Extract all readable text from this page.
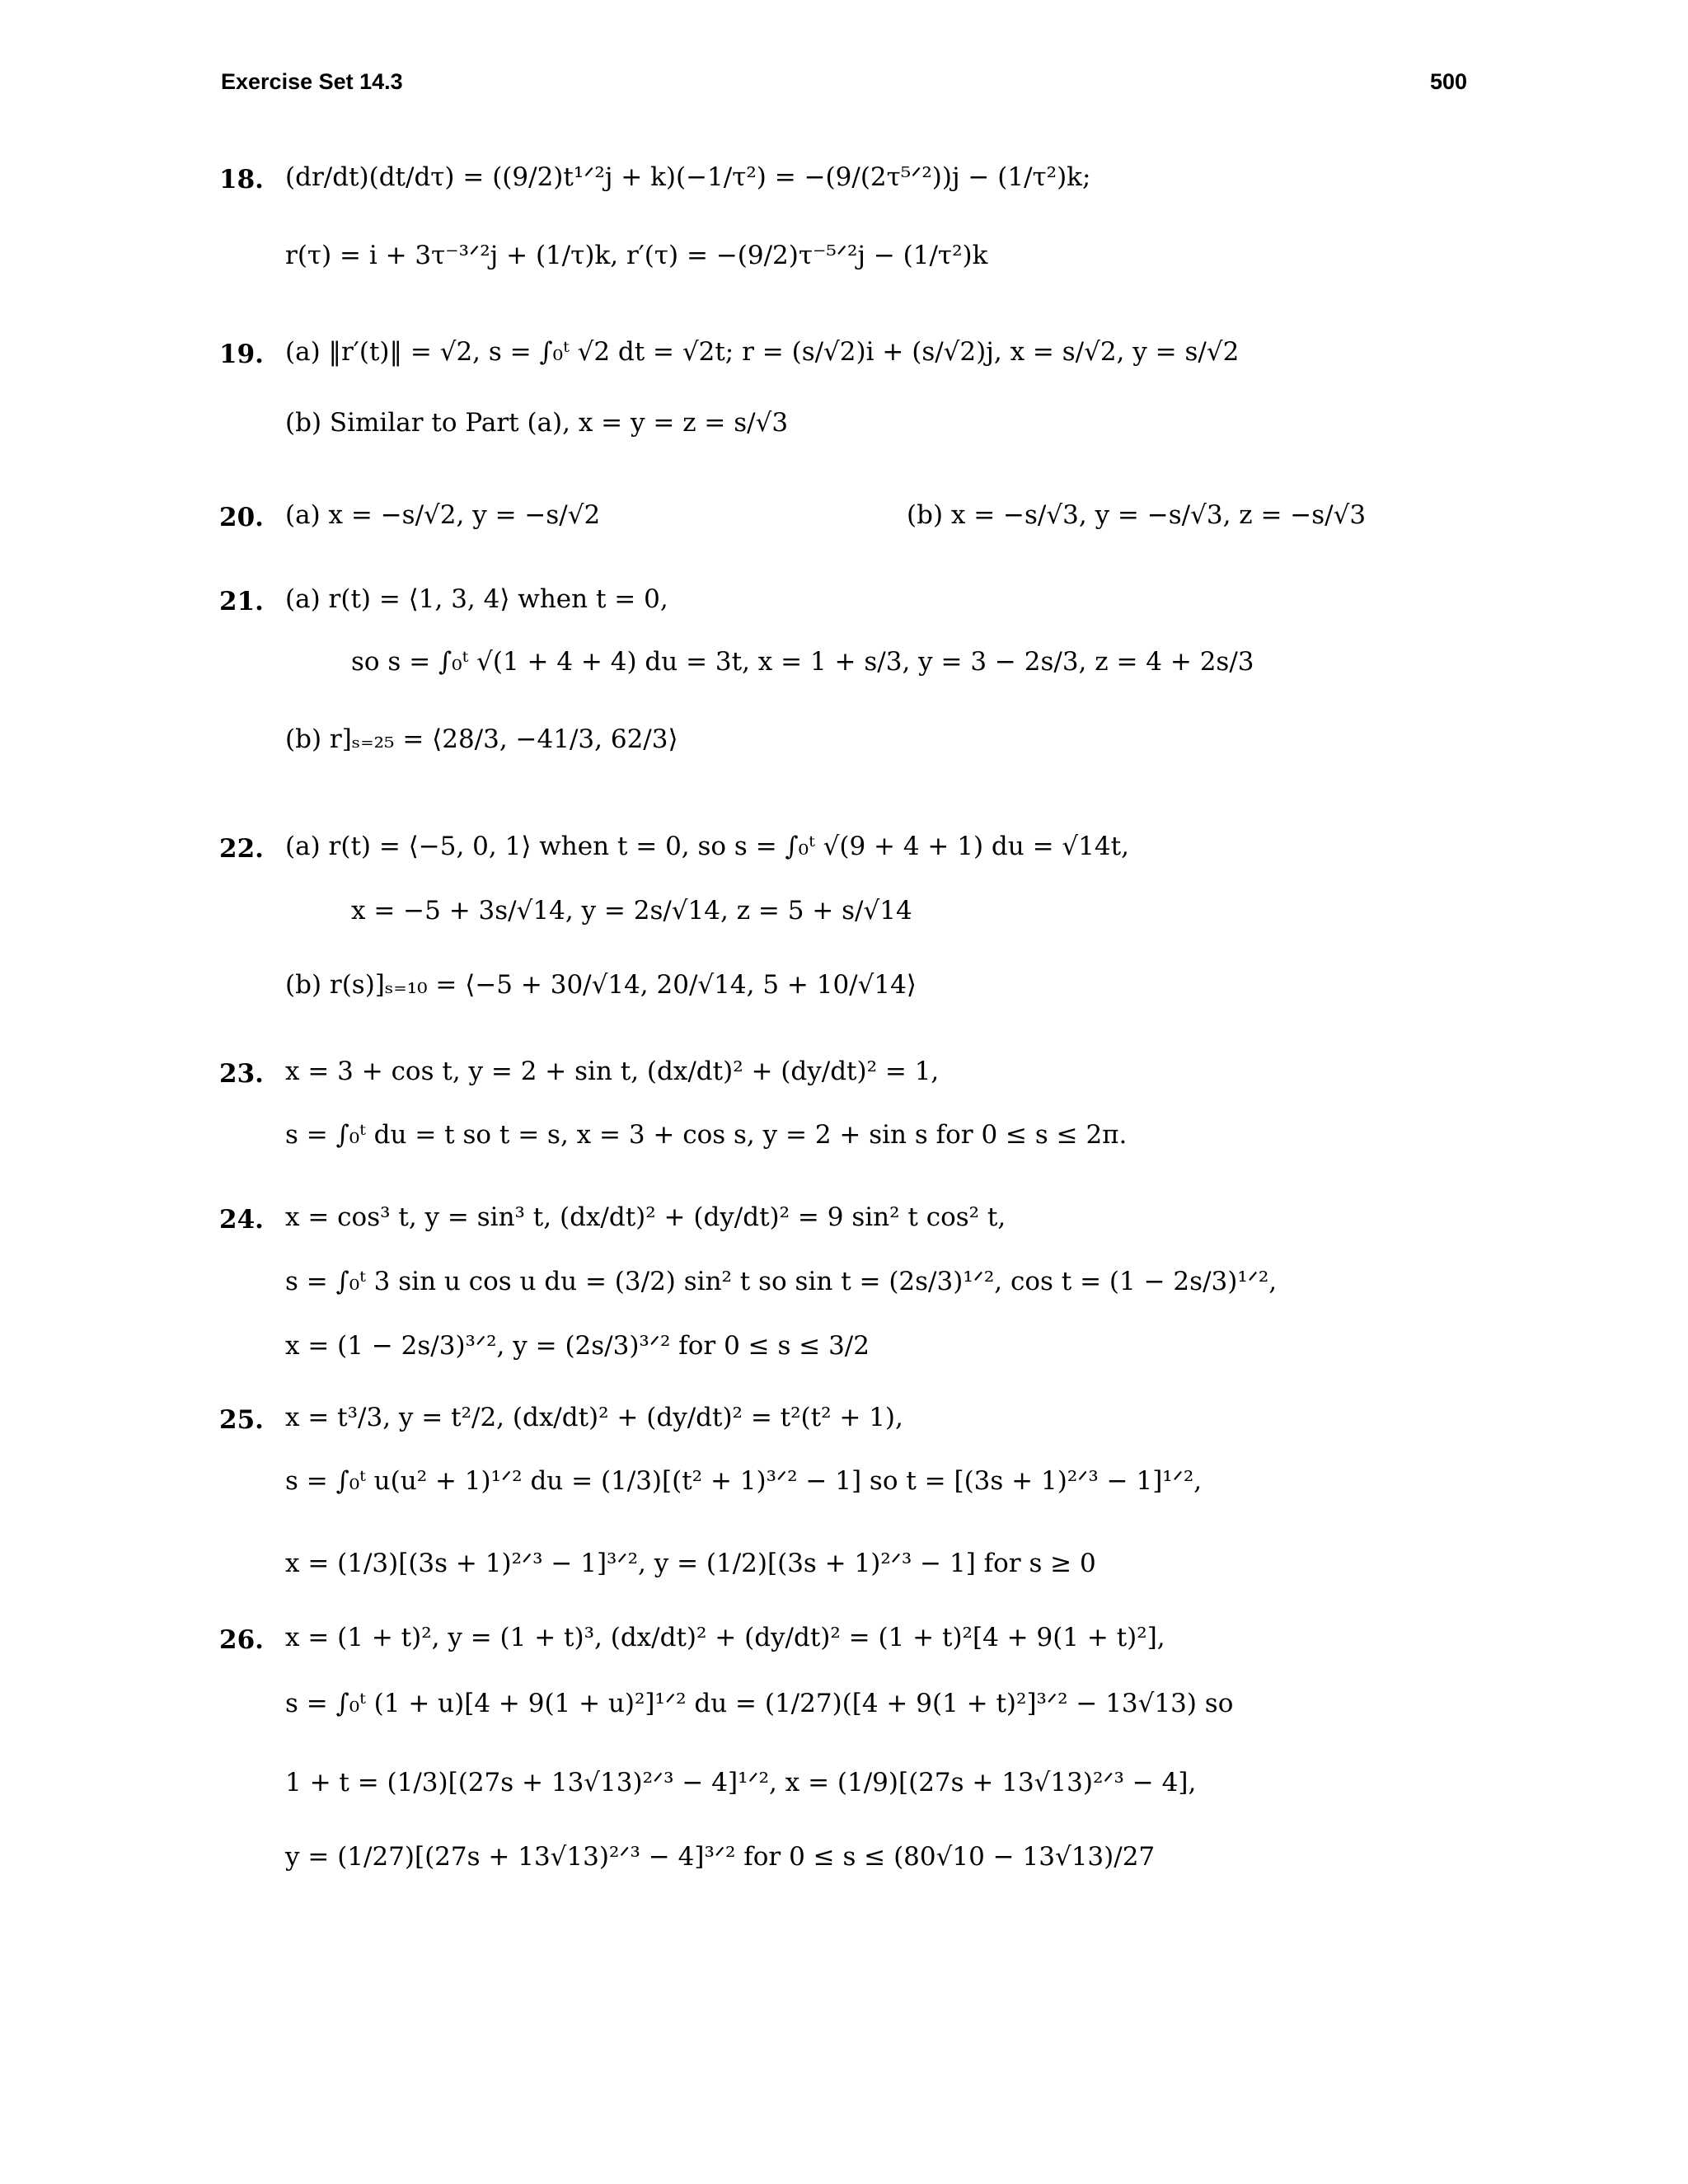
Exercise Set 14.3	500
18. (dr/dt)(dt/dτ) = ((9/2)t¹ᐟ²j + k)(−1/τ²) = −(9/(2τ⁵ᐟ²))j − (1/τ²)k;
r(τ) = i + 3τ⁻³ᐟ²j + (1/τ)k, r′(τ) = −(9/2)τ⁻⁵ᐟ²j − (1/τ²)k
19. (a) ‖r′(t)‖ = √2, s = ∫₀ᵗ √2 dt = √2t; r = (s/√2)i + (s/√2)j, x = s/√2, y = s/√2
(b) Similar to Part (a), x = y = z = s/√3
20. (a) x = −s/√2, y = −s/√2	(b) x = −s/√3, y = −s/√3, z = −s/√3
21. (a) r(t) = ⟨1, 3, 4⟩ when t = 0,
so s = ∫₀ᵗ √(1 + 4 + 4) du = 3t, x = 1 + s/3, y = 3 − 2s/3, z = 4 + 2s/3
(b) r]ₛ₌₂₅ = ⟨28/3, −41/3, 62/3⟩
22. (a) r(t) = ⟨−5, 0, 1⟩ when t = 0, so s = ∫₀ᵗ √(9 + 4 + 1) du = √14t,
x = −5 + 3s/√14, y = 2s/√14, z = 5 + s/√14
(b) r(s)]ₛ₌₁₀ = ⟨−5 + 30/√14, 20/√14, 5 + 10/√14⟩
23. x = 3 + cos t, y = 2 + sin t, (dx/dt)² + (dy/dt)² = 1,
s = ∫₀ᵗ du = t so t = s, x = 3 + cos s, y = 2 + sin s for 0 ≤ s ≤ 2π.
24. x = cos³ t, y = sin³ t, (dx/dt)² + (dy/dt)² = 9 sin² t cos² t,
s = ∫₀ᵗ 3 sin u cos u du = (3/2) sin² t so sin t = (2s/3)¹ᐟ², cos t = (1 − 2s/3)¹ᐟ²,
x = (1 − 2s/3)³ᐟ², y = (2s/3)³ᐟ² for 0 ≤ s ≤ 3/2
25. x = t³/3, y = t²/2, (dx/dt)² + (dy/dt)² = t²(t² + 1),
s = ∫₀ᵗ u(u² + 1)¹ᐟ² du = (1/3)[(t² + 1)³ᐟ² − 1] so t = [(3s + 1)²ᐟ³ − 1]¹ᐟ²,
x = (1/3)[(3s + 1)²ᐟ³ − 1]³ᐟ², y = (1/2)[(3s + 1)²ᐟ³ − 1] for s ≥ 0
26. x = (1 + t)², y = (1 + t)³, (dx/dt)² + (dy/dt)² = (1 + t)²[4 + 9(1 + t)²],
s = ∫₀ᵗ (1 + u)[4 + 9(1 + u)²]¹ᐟ² du = (1/27)([4 + 9(1 + t)²]³ᐟ² − 13√13) so
1 + t = (1/3)[(27s + 13√13)²ᐟ³ − 4]¹ᐟ², x = (1/9)[(27s + 13√13)²ᐟ³ − 4],
y = (1/27)[(27s + 13√13)²ᐟ³ − 4]³ᐟ² for 0 ≤ s ≤ (80√10 − 13√13)/27
